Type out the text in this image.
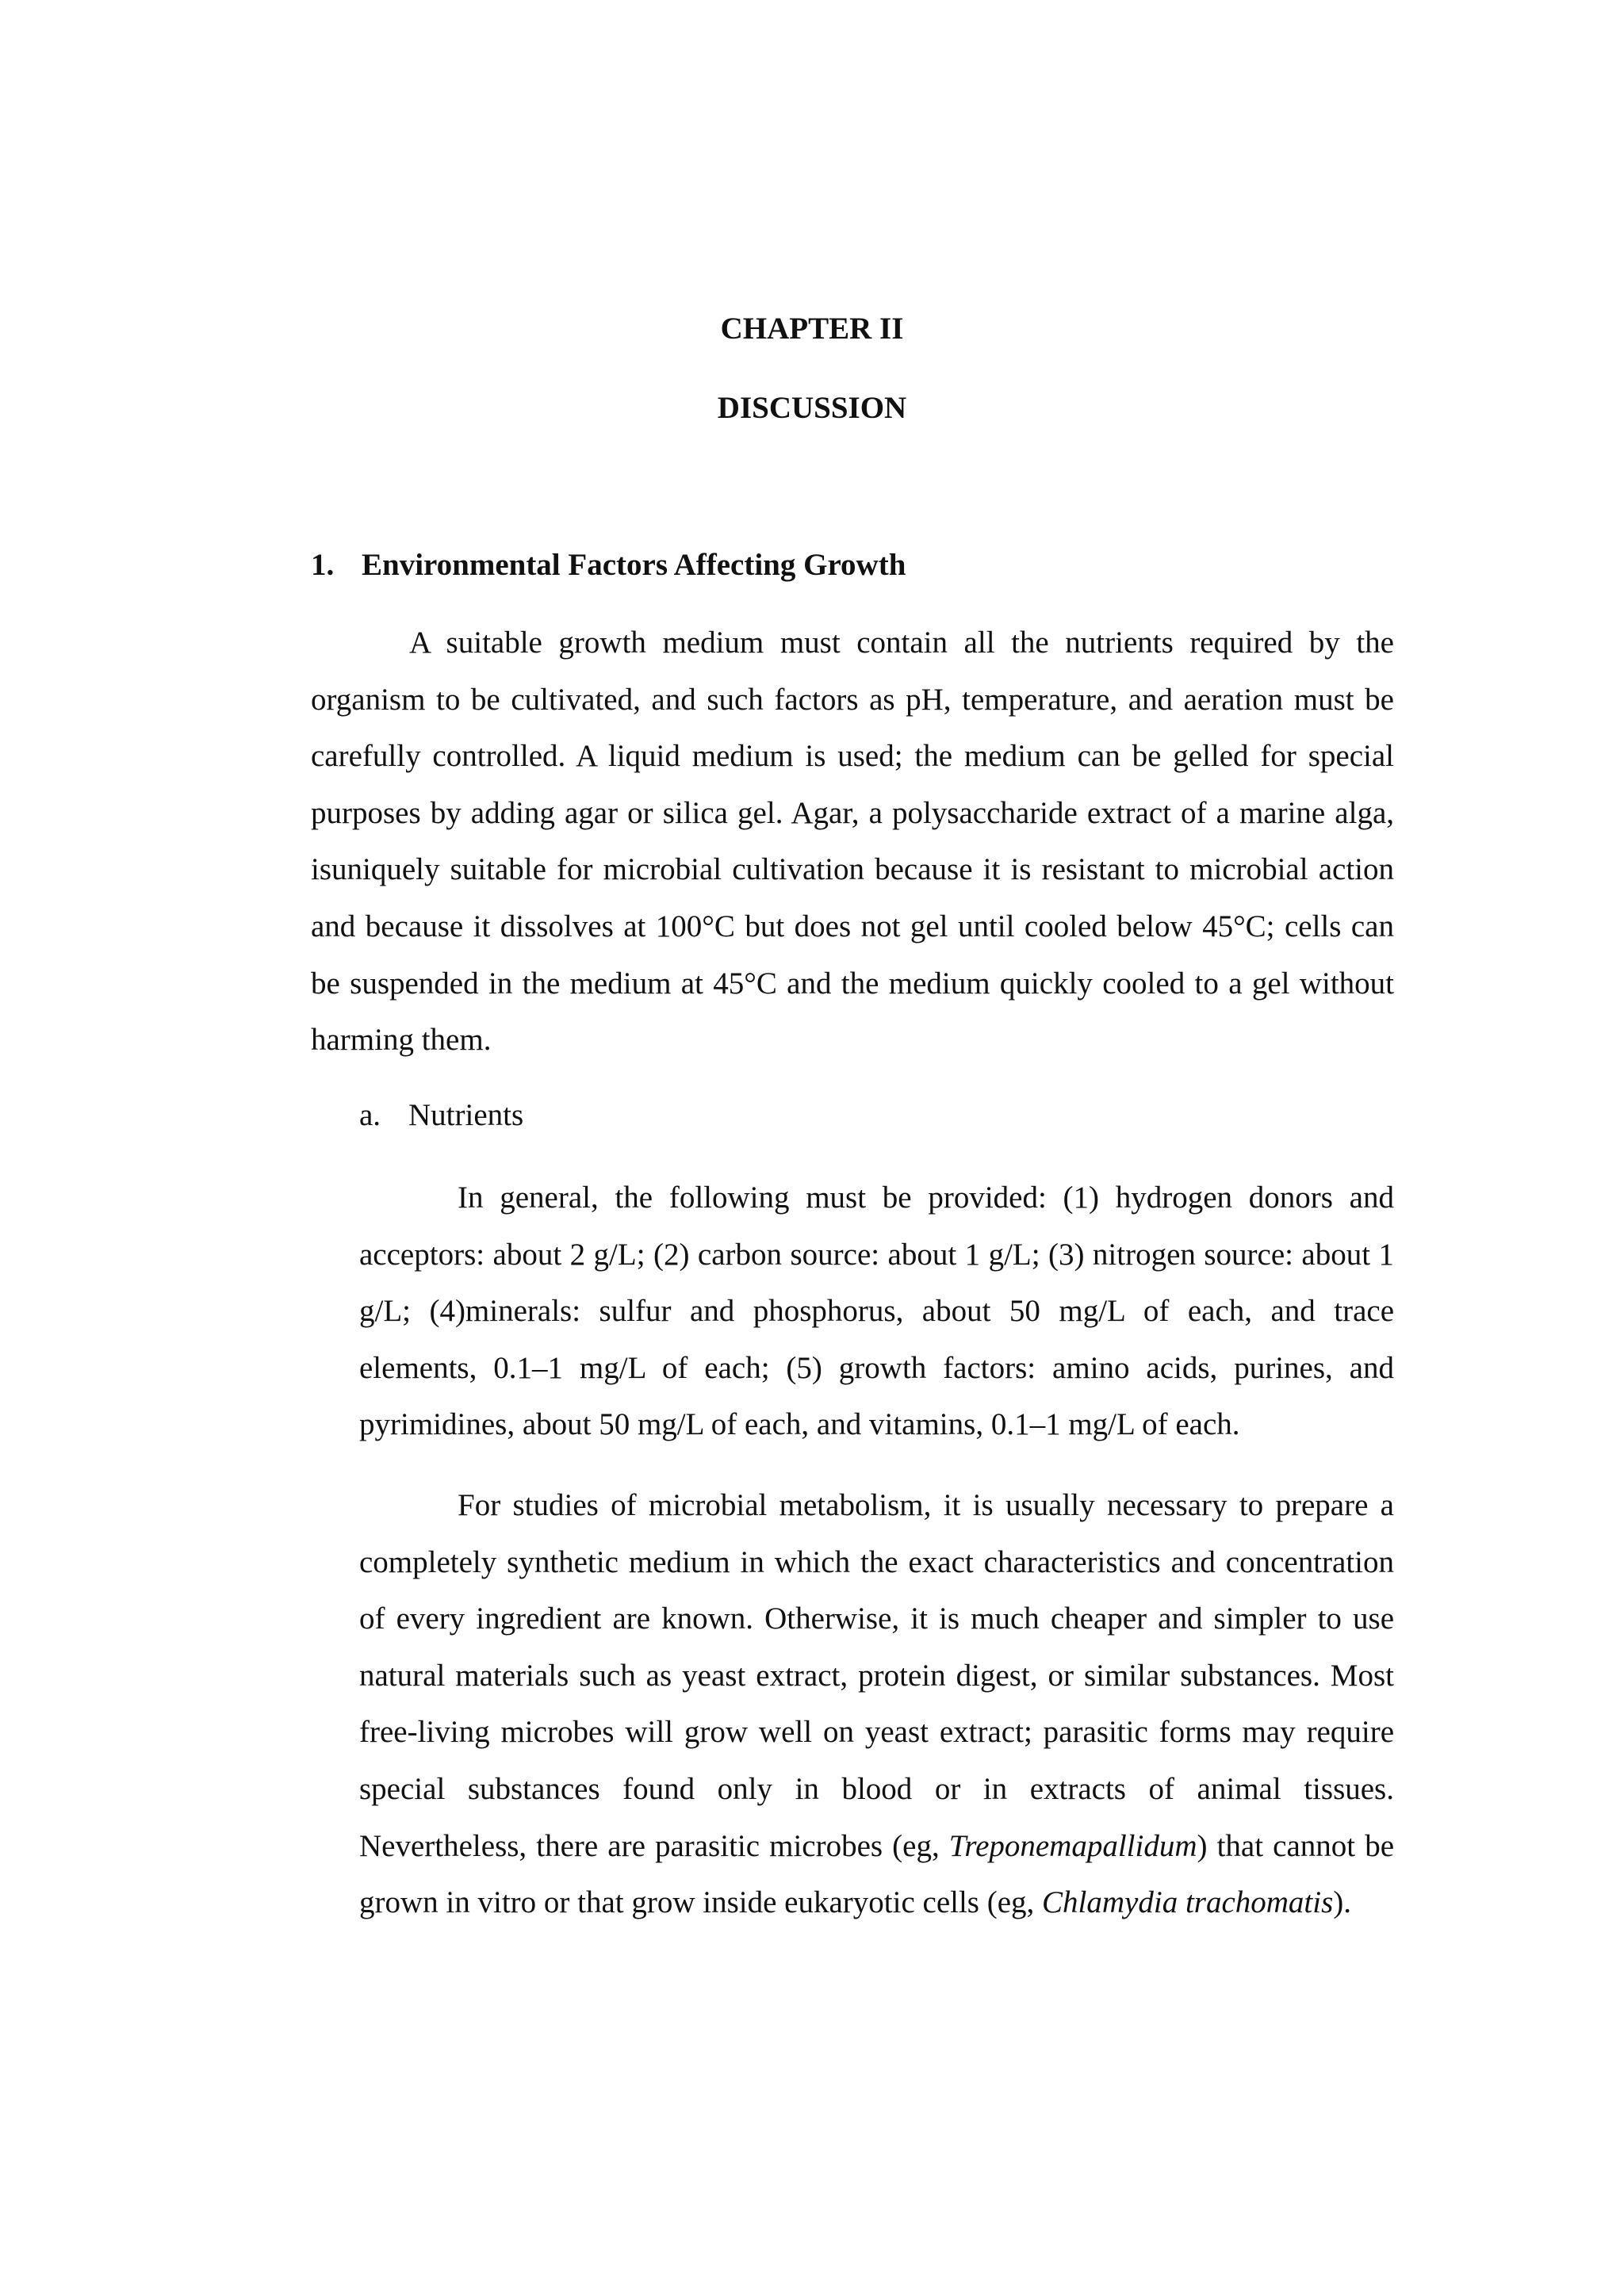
CHAPTER II
DISCUSSION
1. Environmental Factors Affecting Growth

A suitable growth medium must contain all the nutrients required by the organism to be cultivated, and such factors as pH, temperature, and aeration must be carefully controlled. A liquid medium is used; the medium can be gelled for special purposes by adding agar or silica gel. Agar, a polysaccharide extract of a marine alga, isuniquely suitable for microbial cultivation because it is resistant to microbial action and because it dissolves at 100°C but does not gel until cooled below 45°C; cells can be suspended in the medium at 45°C and the medium quickly cooled to a gel without harming them.

a. Nutrients

In general, the following must be provided: (1) hydrogen donors and acceptors: about 2 g/L; (2) carbon source: about 1 g/L; (3) nitrogen source: about 1 g/L; (4)minerals: sulfur and phosphorus, about 50 mg/L of each, and trace elements, 0.1–1 mg/L of each; (5) growth factors: amino acids, purines, and pyrimidines, about 50 mg/L of each, and vitamins, 0.1–1 mg/L of each.

For studies of microbial metabolism, it is usually necessary to prepare a completely synthetic medium in which the exact characteristics and concentration of every ingredient are known. Otherwise, it is much cheaper and simpler to use natural materials such as yeast extract, protein digest, or similar substances. Most free-living microbes will grow well on yeast extract; parasitic forms may require special substances found only in blood or in extracts of animal tissues. Nevertheless, there are parasitic microbes (eg, Treponemapallidum) that cannot be grown in vitro or that grow inside eukaryotic cells (eg, Chlamydia trachomatis).
